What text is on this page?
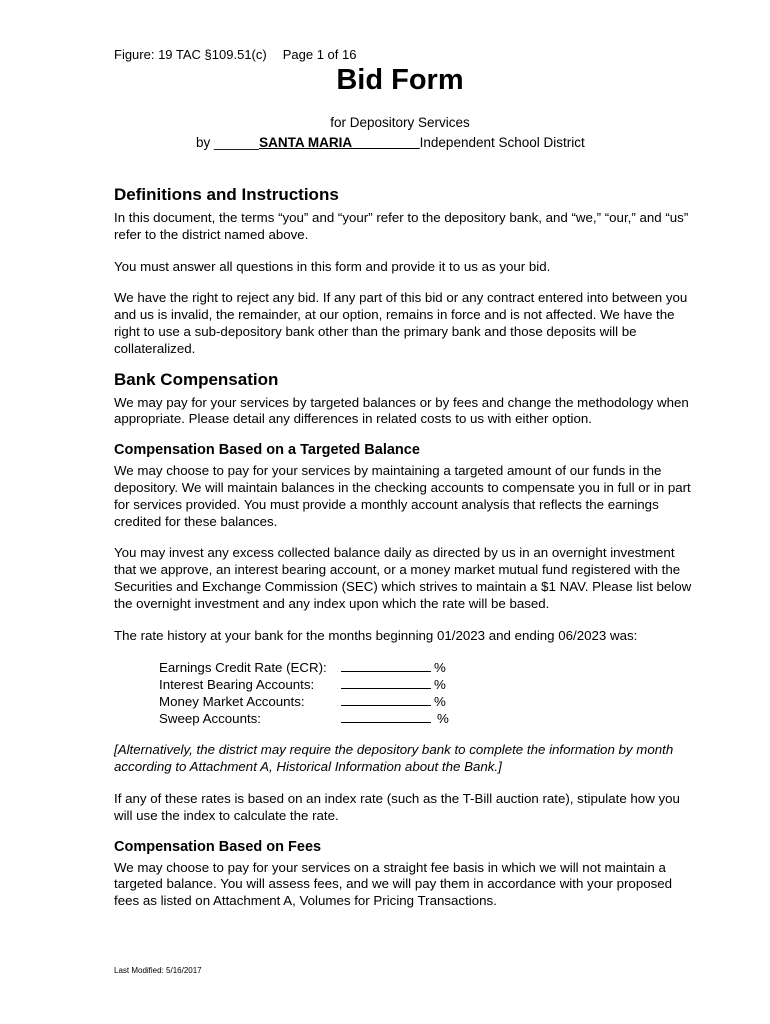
Figure: 19 TAC §109.51(c) Page 1 of 16
Bid Form
for Depository Services
by ______SANTA MARIA_________Independent School District
Definitions and Instructions

In this document, the terms “you” and “your” refer to the depository bank, and “we,” “our,” and “us” refer to the district named above.

You must answer all questions in this form and provide it to us as your bid.

We have the right to reject any bid. If any part of this bid or any contract entered into between you and us is invalid, the remainder, at our option, remains in force and is not affected. We have the right to use a sub-depository bank other than the primary bank and those deposits will be collateralized.

Bank Compensation

We may pay for your services by targeted balances or by fees and change the methodology when appropriate. Please detail any differences in related costs to us with either option.

Compensation Based on a Targeted Balance

We may choose to pay for your services by maintaining a targeted amount of our funds in the depository. We will maintain balances in the checking accounts to compensate you in full or in part for services provided. You must provide a monthly account analysis that reflects the earnings credited for these balances.

You may invest any excess collected balance daily as directed by us in an overnight investment that we approve, an interest bearing account, or a money market mutual fund registered with the Securities and Exchange Commission (SEC) which strives to maintain a $1 NAV. Please list below the overnight investment and any index upon which the rate will be based.

The rate history at your bank for the months beginning 01/2023 and ending 06/2023 was:

Earnings Credit Rate (ECR):	%
Interest Bearing Accounts:	%
Money Market Accounts:	%
Sweep Accounts:	%

[Alternatively, the district may require the depository bank to complete the information by month according to Attachment A, Historical Information about the Bank.]

If any of these rates is based on an index rate (such as the T-Bill auction rate), stipulate how you will use the index to calculate the rate.

Compensation Based on Fees

We may choose to pay for your services on a straight fee basis in which we will not maintain a targeted balance. You will assess fees, and we will pay them in accordance with your proposed fees as listed on Attachment A, Volumes for Pricing Transactions.

Last Modified: 5/16/2017
